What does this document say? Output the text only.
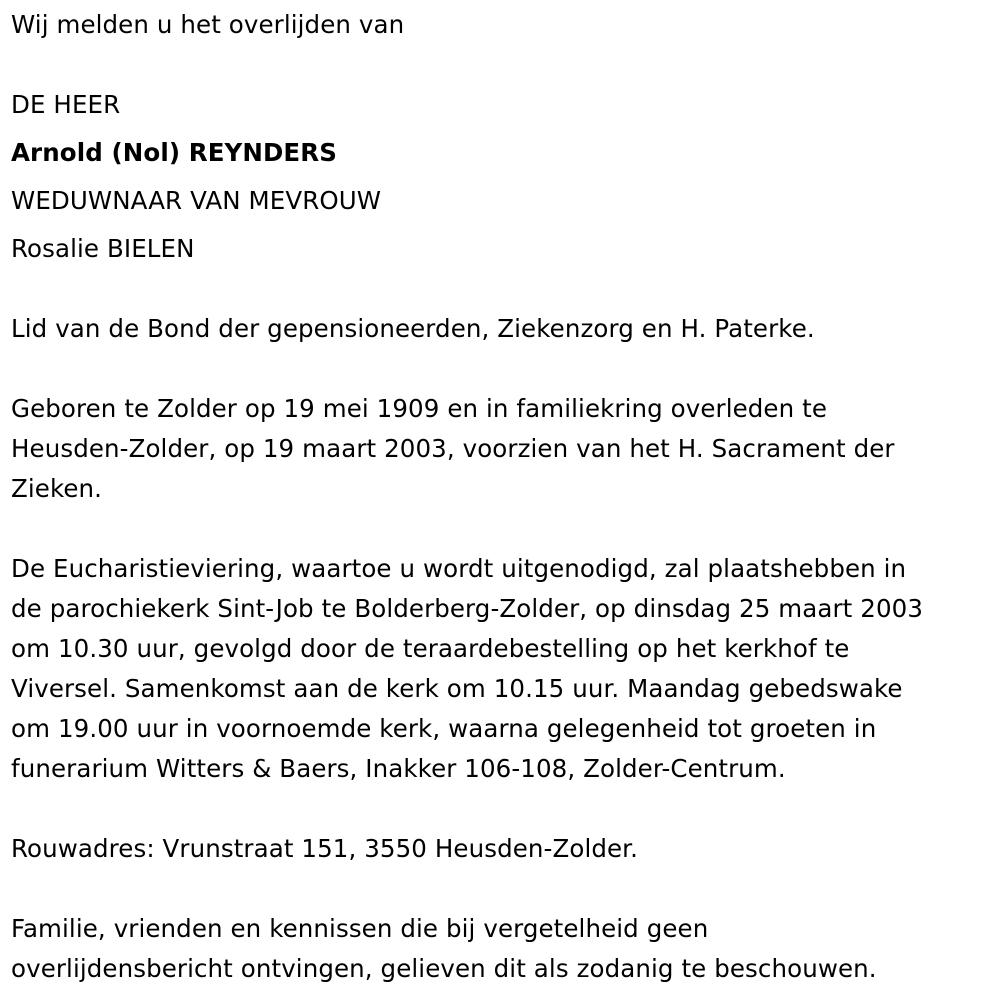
Wij melden u het overlijden van

DE HEER

Arnold (Nol) REYNDERS

WEDUWNAAR VAN MEVROUW

Rosalie BIELEN

Lid van de Bond der gepensioneerden, Ziekenzorg en H. Paterke.

Geboren te Zolder op 19 mei 1909 en in familiekring overleden te
Heusden-Zolder, op 19 maart 2003, voorzien van het H. Sacrament der
Zieken.
De Eucharistieviering, waartoe u wordt uitgenodigd, zal plaatshebben in
de parochiekerk Sint-Job te Bolderberg-Zolder, op dinsdag 25 maart 2003
om 10.30 uur, gevolgd door de teraardebestelling op het kerkhof te
Viversel. Samenkomst aan de kerk om 10.15 uur. Maandag gebedswake
om 19.00 uur in voornoemde kerk, waarna gelegenheid tot groeten in
funerarium Witters & Baers, Inakker 106-108, Zolder-Centrum.

Rouwadres: Vrunstraat 151, 3550 Heusden-Zolder.

Familie, vrienden en kennissen die bij vergetelheid geen
overlijdensbericht ontvingen, gelieven dit als zodanig te beschouwen.
